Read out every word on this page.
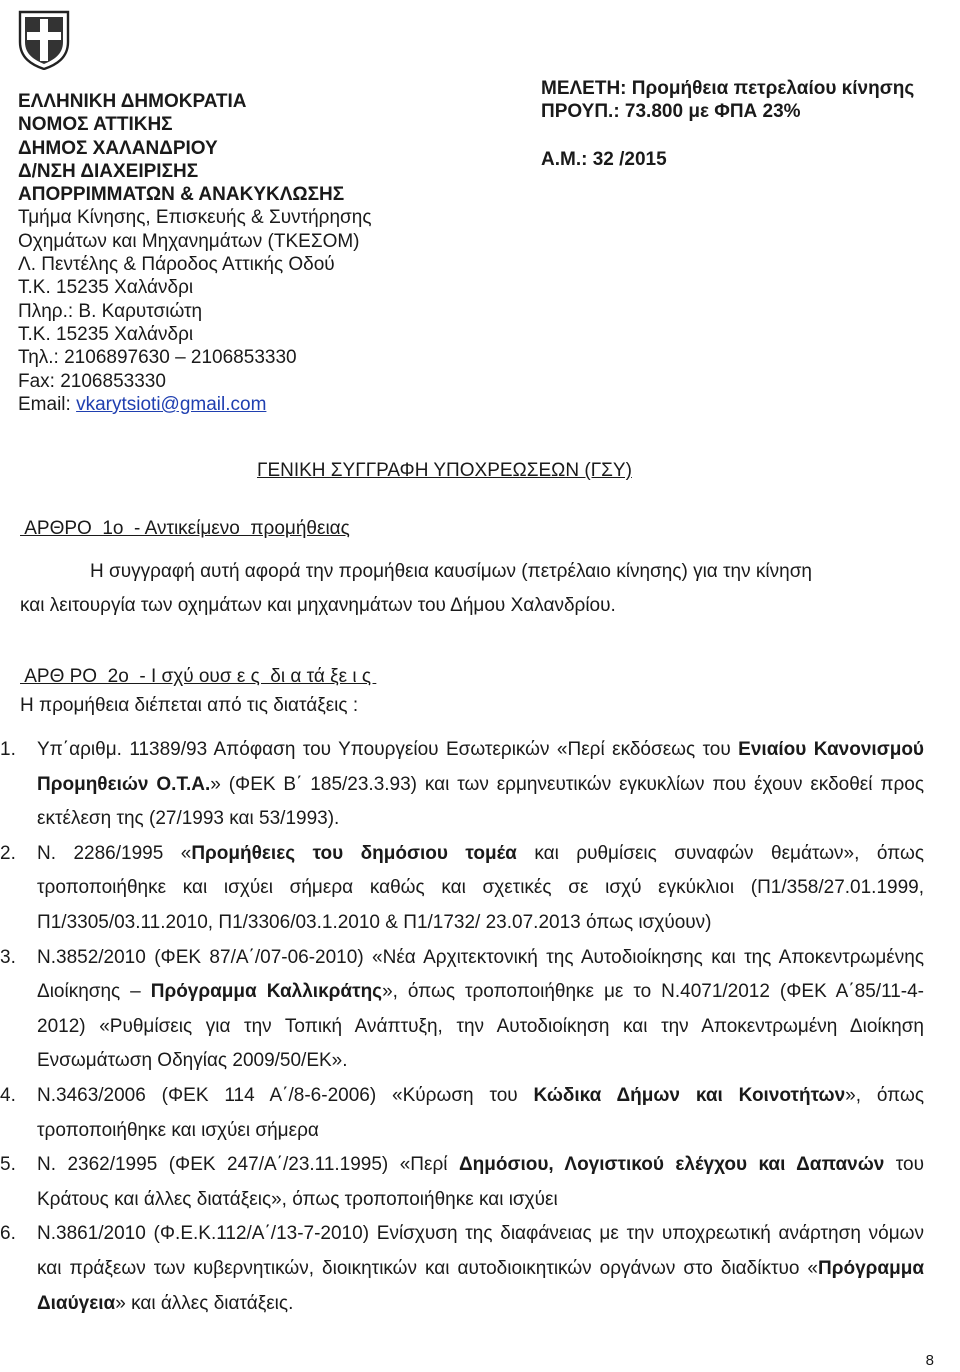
ΕΛΛΗΝΙΚΗ ΔΗΜΟΚΡΑΤΙΑ
ΝΟΜΟΣ ΑΤΤΙΚΗΣ
ΔΗΜΟΣ ΧΑΛΑΝΔΡΙΟΥ
Δ/ΝΣΗ ΔΙΑΧΕΙΡΙΣΗΣ
ΑΠΟΡΡΙΜΜΑΤΩΝ & ΑΝΑΚΥΚΛΩΣΗΣ
Τμήμα Κίνησης, Επισκευής & Συντήρησης
Οχημάτων και Μηχανημάτων (ΤΚΕΣΟΜ)
Λ. Πεντέλης & Πάροδος Αττικής Οδού
Τ.Κ. 15235 Χαλάνδρι
Πληρ.: Β. Καρυτσιώτη
Τ.Κ. 15235 Χαλάνδρι
Τηλ.: 2106897630 – 2106853330
Fax: 2106853330
Email: vkarytsioti@gmail.com
ΜΕΛΕΤΗ: Προμήθεια πετρελαίου κίνησης
ΠΡΟΥΠ.: 73.800 με ΦΠΑ 23%
Α.Μ.: 32 /2015
ΓΕΝΙΚΗ ΣΥΓΓΡΑΦΗ ΥΠΟΧΡΕΩΣΕΩΝ (ΓΣΥ)
ΑΡΘΡΟ  1ο  - Αντικείμενο  προμήθειας
Η συγγραφή αυτή αφορά την προμήθεια καυσίμων (πετρέλαιο κίνησης) για την κίνηση
και λειτουργία των οχημάτων και μηχανημάτων του Δήμου Χαλανδρίου.
ΑΡΘ ΡΟ  2ο  - Ι σχύ ουσ ε ς  δι α τά ξε ι ς
Η προμήθεια διέπεται από τις διατάξεις :
1. Υπ΄αριθμ. 11389/93 Απόφαση του Υπουργείου Εσωτερικών «Περί εκδόσεως του Ενιαίου Κανονισμού Προμηθειών Ο.Τ.Α.» (ΦΕΚ Β΄ 185/23.3.93) και των ερμηνευτικών εγκυκλίων που έχουν εκδοθεί προς εκτέλεση της (27/1993 και 53/1993).
2. Ν. 2286/1995 «Προμήθειες του δημόσιου τομέα και ρυθμίσεις συναφών θεμάτων», όπως τροποποιήθηκε και ισχύει σήμερα καθώς και σχετικές σε ισχύ εγκύκλιοι (Π1/358/27.01.1999, Π1/3305/03.11.2010, Π1/3306/03.1.2010 & Π1/1732/ 23.07.2013 όπως ισχύουν)
3. Ν.3852/2010 (ΦΕΚ 87/Α΄/07-06-2010) «Νέα Αρχιτεκτονική της Αυτοδιοίκησης και της Αποκεντρωμένης Διοίκησης – Πρόγραμμα Καλλικράτης», όπως τροποποιήθηκε με το Ν.4071/2012 (ΦΕΚ Α΄85/11-4-2012) «Ρυθμίσεις για την Τοπική Ανάπτυξη, την Αυτοδιοίκηση και την Αποκεντρωμένη Διοίκηση Ενσωμάτωση Οδηγίας 2009/50/ΕΚ».
4. Ν.3463/2006 (ΦΕΚ 114 Α΄/8-6-2006) «Κύρωση του Κώδικα Δήμων και Κοινοτήτων», όπως τροποποιήθηκε και ισχύει σήμερα
5. Ν. 2362/1995 (ΦΕΚ 247/Α΄/23.11.1995) «Περί Δημόσιου, Λογιστικού ελέγχου και Δαπανών του Κράτους και άλλες διατάξεις», όπως τροποποιήθηκε και ισχύει
6. Ν.3861/2010 (Φ.Ε.Κ.112/Α΄/13-7-2010) Ενίσχυση της διαφάνειας με την υποχρεωτική ανάρτηση νόμων και πράξεων των κυβερνητικών, διοικητικών και αυτοδιοικητικών οργάνων στο διαδίκτυο «Πρόγραμμα Διαύγεια» και άλλες διατάξεις.
8
